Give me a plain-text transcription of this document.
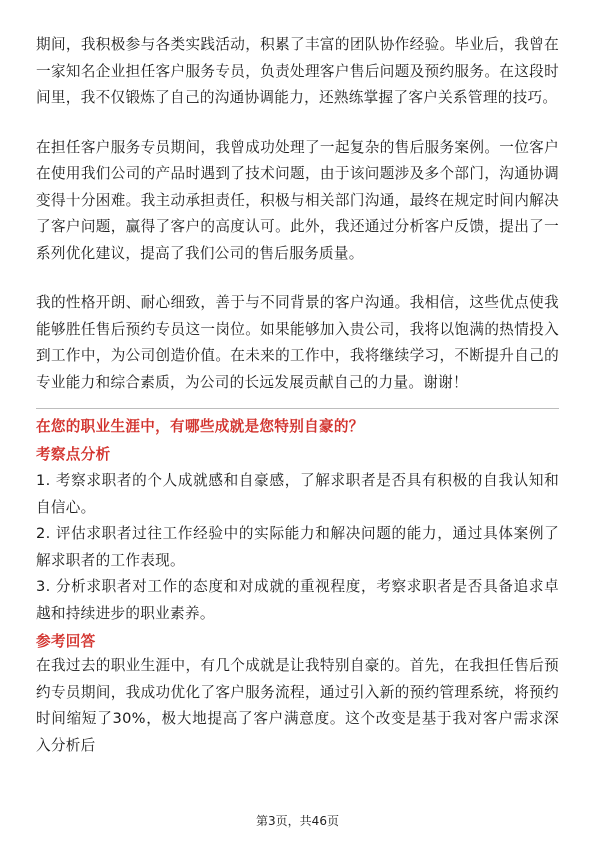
期间，我积极参与各类实践活动，积累了丰富的团队协作经验。毕业后，我曾在一家知名企业担任客户服务专员，负责处理客户售后问题及预约服务。在这段时间里，我不仅锻炼了自己的沟通协调能力，还熟练掌握了客户关系管理的技巧。

在担任客户服务专员期间，我曾成功处理了一起复杂的售后服务案例。一位客户在使用我们公司的产品时遇到了技术问题，由于该问题涉及多个部门，沟通协调变得十分困难。我主动承担责任，积极与相关部门沟通，最终在规定时间内解决了客户问题，赢得了客户的高度认可。此外，我还通过分析客户反馈，提出了一系列优化建议，提高了我们公司的售后服务质量。

我的性格开朗、耐心细致，善于与不同背景的客户沟通。我相信，这些优点使我能够胜任售后预约专员这一岗位。如果能够加入贵公司，我将以饱满的热情投入到工作中，为公司创造价值。在未来的工作中，我将继续学习，不断提升自己的专业能力和综合素质，为公司的长远发展贡献自己的力量。谢谢！

在您的职业生涯中，有哪些成就是您特别自豪的？

考察点分析

1. 考察求职者的个人成就感和自豪感，了解求职者是否具有积极的自我认知和自信心。
2. 评估求职者过往工作经验中的实际能力和解决问题的能力，通过具体案例了解求职者的工作表现。
3. 分析求职者对工作的态度和对成就的重视程度，考察求职者是否具备追求卓越和持续进步的职业素养。

参考回答

在我过去的职业生涯中，有几个成就是让我特别自豪的。首先，在我担任售后预约专员期间，我成功优化了客户服务流程，通过引入新的预约管理系统，将预约时间缩短了30%，极大地提高了客户满意度。这个改变是基于我对客户需求深入分析后

第3页，共46页
